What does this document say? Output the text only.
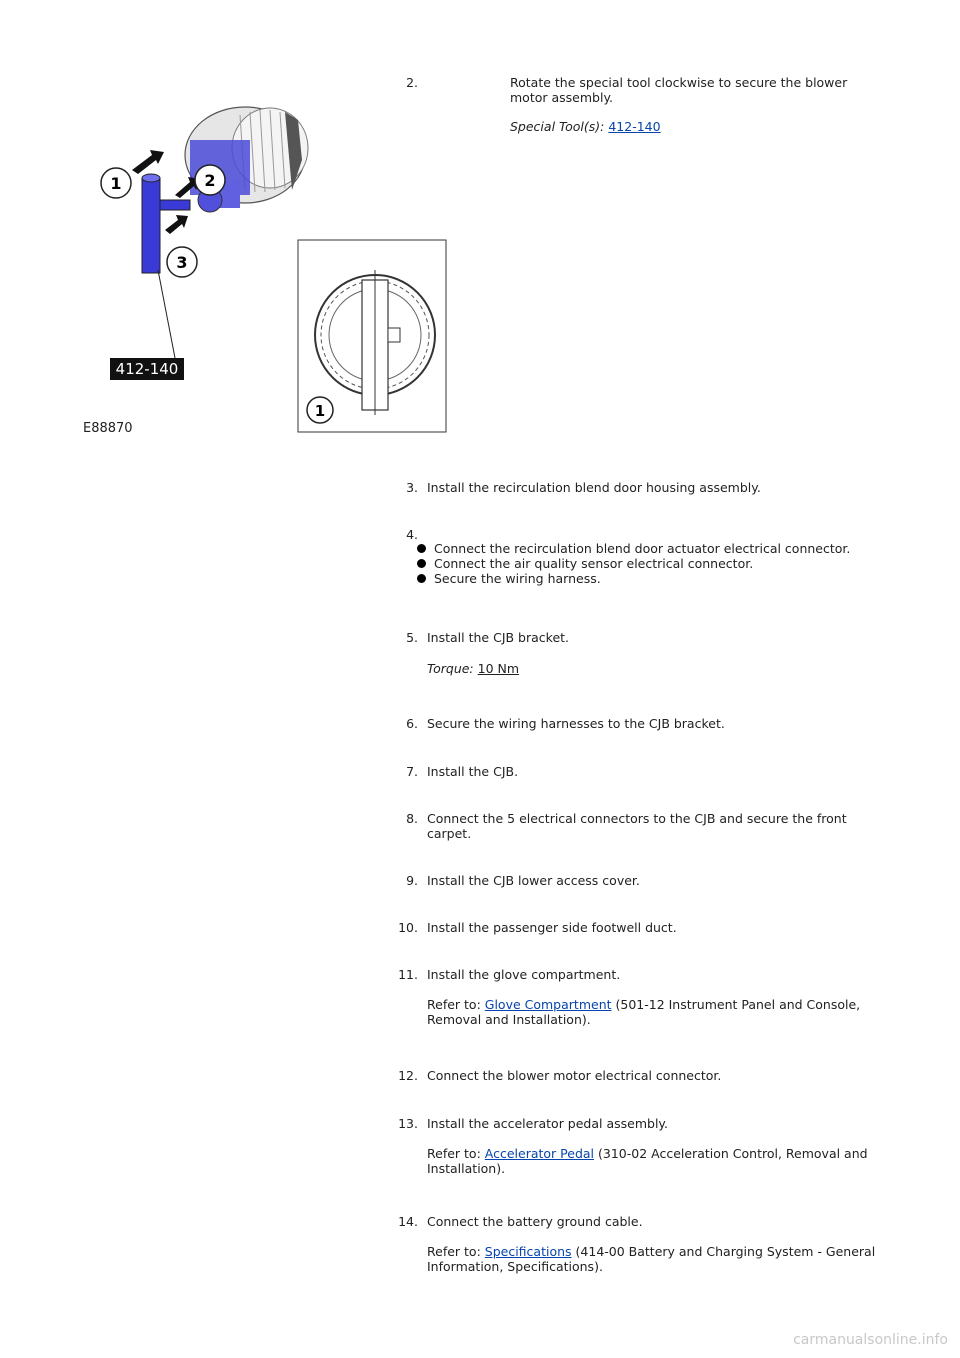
1	2
3
412-140
E88870
1
2.	Rotate the special tool clockwise to secure the blower motor assembly.

Special Tool(s): 412-140

3. Install the recirculation blend door housing assembly.

4.
Connect the recirculation blend door actuator electrical connector.
Connect the air quality sensor electrical connector.
Secure the wiring harness.
5. Install the CJB bracket.

Torque: 10 Nm

6. Secure the wiring harnesses to the CJB bracket.

7. Install the CJB.

8. Connect the 5 electrical connectors to the CJB and secure the front carpet.

9. Install the CJB lower access cover.

10. Install the passenger side footwell duct.

11. Install the glove compartment.

Refer to: Glove Compartment (501-12 Instrument Panel and Console, Removal and Installation).

12. Connect the blower motor electrical connector.

13. Install the accelerator pedal assembly.

Refer to: Accelerator Pedal (310-02 Acceleration Control, Removal and Installation).

14. Connect the battery ground cable.

Refer to: Specifications (414-00 Battery and Charging System - General Information, Specifications).

carmanualsonline.info
